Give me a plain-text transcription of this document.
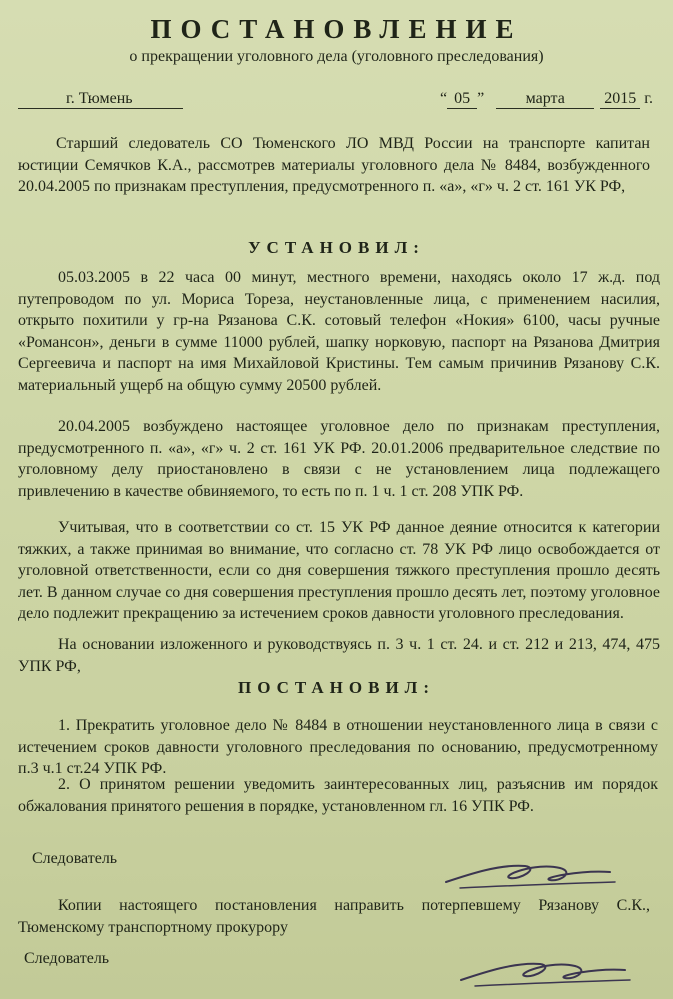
ПОСТАНОВЛЕНИЕ
о прекращении уголовного дела (уголовного преследования)
г. Тюмень	“ 05 ”	марта 2015 г.

Старший следователь СО Тюменского ЛО МВД России на транспорте капитан юстиции Семячков К.А., рассмотрев материалы уголовного дела № 8484, возбужденного 20.04.2005 по признакам преступления, предусмотренного п. «а», «г» ч. 2 ст. 161 УК РФ,

УСТАНОВИЛ:

05.03.2005 в 22 часа 00 минут, местного времени, находясь около 17 ж.д. под путепроводом по ул. Мориса Тореза, неустановленные лица, с применением насилия, открыто похитили у гр-на Рязанова С.К. сотовый телефон «Нокия» 6100, часы ручные «Романсон», деньги в сумме 11000 рублей, шапку норковую, паспорт на Рязанова Дмитрия Сергеевича и паспорт на имя Михайловой Кристины. Тем самым причинив Рязанову С.К. материальный ущерб на общую сумму 20500 рублей.

20.04.2005 возбуждено настоящее уголовное дело по признакам преступления, предусмотренного п. «а», «г» ч. 2 ст. 161 УК РФ. 20.01.2006 предварительное следствие по уголовному делу приостановлено в связи с не установлением лица подлежащего привлечению в качестве обвиняемого, то есть по п. 1 ч. 1 ст. 208 УПК РФ.

Учитывая, что в соответствии со ст. 15 УК РФ данное деяние относится к категории тяжких, а также принимая во внимание, что согласно ст. 78 УК РФ лицо освобождается от уголовной ответственности, если со дня совершения тяжкого преступления прошло десять лет. В данном случае со дня совершения преступления прошло десять лет, поэтому уголовное дело подлежит прекращению за истечением сроков давности уголовного преследования.

На основании изложенного и руководствуясь п. 3 ч. 1 ст. 24. и ст. 212 и 213, 474, 475 УПК РФ,

ПОСТАНОВИЛ:

1. Прекратить уголовное дело № 8484 в отношении неустановленного лица в связи с истечением сроков давности уголовного преследования по основанию, предусмотренному п.3 ч.1 ст.24 УПК РФ.

2. О принятом решении уведомить заинтересованных лиц, разъяснив им порядок обжалования принятого решения в порядке, установленном гл. 16 УПК РФ.

Следователь

Копии настоящего постановления направить потерпевшему Рязанову С.К., Тюменскому транспортному прокурору

Следователь
